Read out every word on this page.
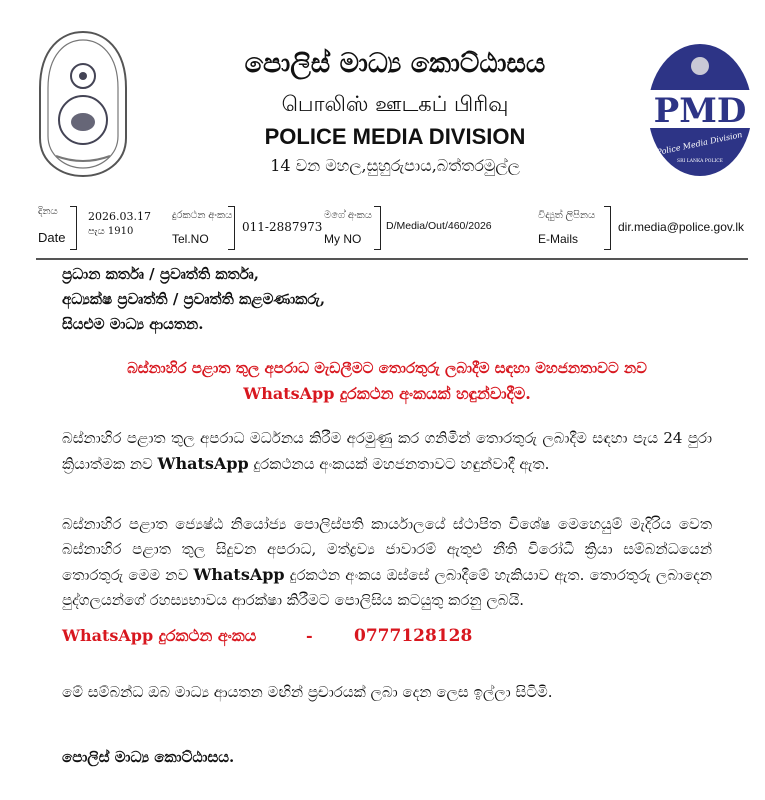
පොලිස් මාධ්‍ය කොට්ඨාසය
பொலிஸ் ஊடகப் பிரிவு
POLICE MEDIA DIVISION
14 වන මහල,සුහුරුපාය,බත්තරමුල්ල
PMD
Police Media Division
SRI LANKA POLICE
දිනය
Date
2026.03.17
පැය 1910
දුරකථන අංකය
Tel.NO
011-2887973
මගේ අංකය
My NO
D/Media/Out/460/2026
විද්‍යුත් ලිපිනය
E-Mails
dir.media@police.gov.lk
ප්‍රධාන කර්තෘ / ප්‍රවෘත්ති කර්තෘ,
අධ්‍යක්ෂ ප්‍රවෘත්ති / ප්‍රවෘත්ති කළමණාකරු,
සියළුම මාධ්‍ය ආයතන.
බස්නාහිර පළාත තුල අපරාධ මැඩලීමට තොරතුරු ලබාදීම සඳහා මහජනතාවට නව
WhatsApp දුරකථන අංකයක් හඳුන්වාදීම.
බස්නාහිර පළාත තුල අපරාධ මර්ධනය කිරීම අරමුණු කර ගනිමින් තොරතුරු ලබාදීම සඳහා පැය 24 පුරා ක්‍රියාත්මක නව WhatsApp දුරකථනය අංකයක් මහජනතාවට හඳුන්වාදී ඇත.
බස්නාහිර පළාත ජ්‍යෙෂ්ඨ නියෝජ්‍ය පොලිස්පති කාර්යාලයේ ස්ථාපිත විශේෂ මෙහෙයුම් මැදිරිය වෙත බස්නාහිර පළාත තුල සිදුවන අපරාධ, මත්ද්‍රව්‍ය ජාවාරම් ඇතුළු නීති විරෝධී ක්‍රියා සම්බන්ධයෙන් තොරතුරු මෙම නව WhatsApp දුරකථන අංකය ඔස්සේ ලබාදීමේ හැකියාව ඇත. තොරතුරු ලබාදෙන පුද්ගලයන්ගේ රහස්‍යභාවය ආරක්ෂා කිරීමට පොලිසිය කටයුතු කරනු ලබයි.
WhatsApp දුරකථන අංකය	- 0777128128
මේ සම්බන්ධ ඔබ මාධ්‍ය ආයතන මඟින් ප්‍රචාරයක් ලබා දෙන ලෙස ඉල්ලා සිටිමි.
පොලිස් මාධ්‍ය කොට්ඨාසය.
